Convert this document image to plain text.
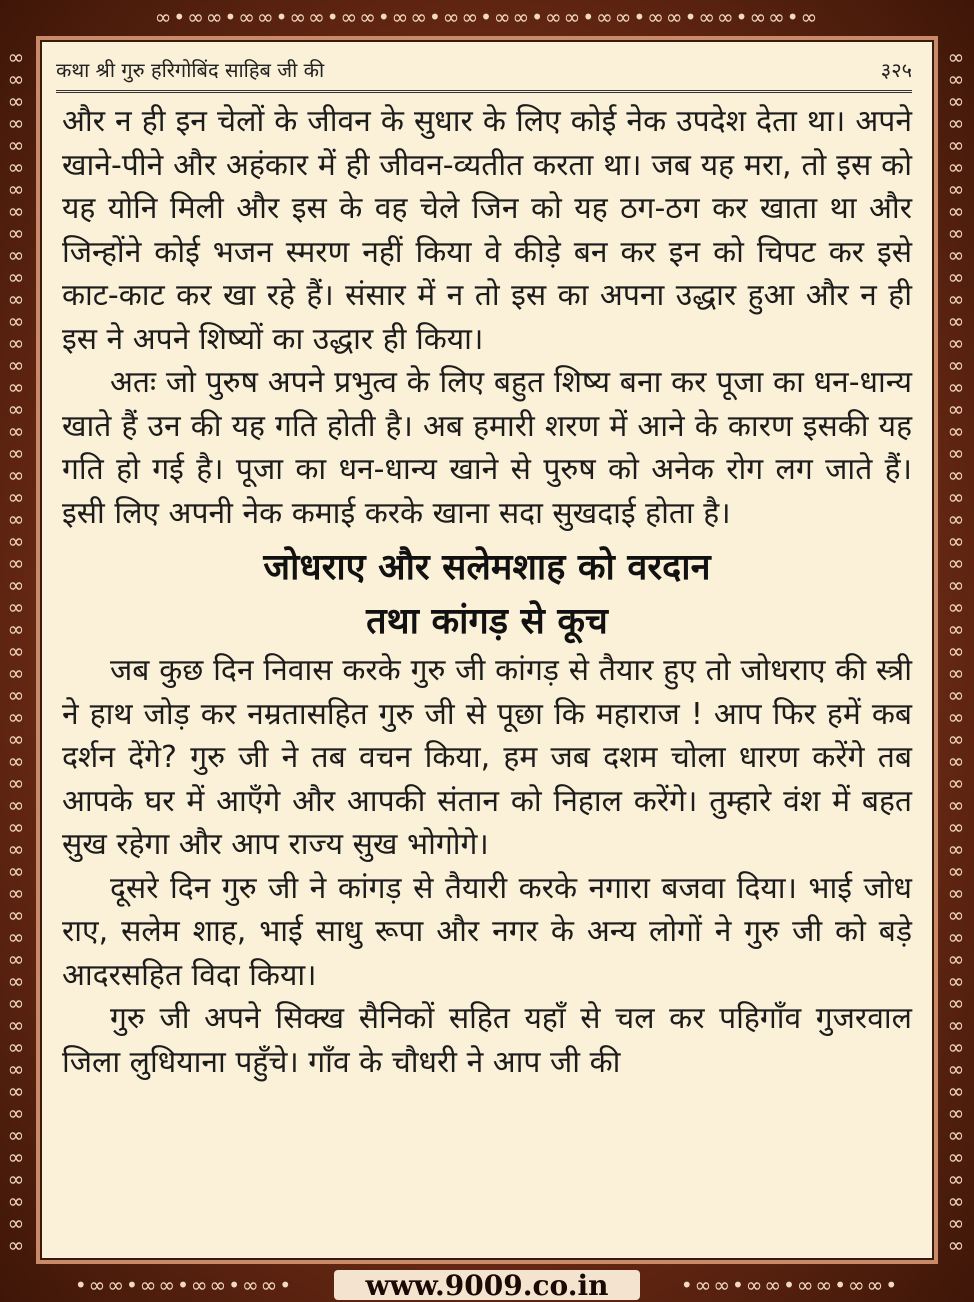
∞•∞∞•∞∞•∞∞•∞∞•∞∞•∞∞•∞∞•∞∞•∞∞•∞∞•∞∞•∞∞•∞
∞
∞
∞
∞
∞
∞
∞
∞
∞
∞
∞
∞
∞
∞
∞
∞
∞
∞
∞
∞
∞
∞
∞
∞
∞
∞
∞
∞
∞
∞
∞
∞
∞
∞
∞
∞
∞
∞
∞
∞
∞
∞
∞
∞
∞
∞
∞
∞
∞
∞
∞
∞
∞
∞
∞
∞
∞
∞
∞
∞
∞
∞
∞
∞
∞
∞
∞
∞
∞
∞
∞
∞
∞
∞
∞
∞
∞
∞
∞
∞
∞
∞
∞
∞
∞
∞
∞
∞
∞
∞
∞
∞
∞
∞
∞
∞
∞
∞
∞
∞
∞
∞
∞
∞
∞
∞
∞
∞
∞
∞
•∞∞•∞∞•∞∞•∞∞•	•∞∞•∞∞•∞∞•∞∞•
www.9009.co.in
कथा श्री गुरु हरिगोबिंद साहिब जी की	३२५

और न ही इन चेलों के जीवन के सुधार के लिए कोई नेक उपदेश देता था। अपने खाने-पीने और अहंकार में ही जीवन-व्यतीत करता था। जब यह मरा, तो इस को यह योनि मिली और इस के वह चेले जिन को यह ठग-ठग कर खाता था और जिन्होंने कोई भजन स्मरण नहीं किया वे कीड़े बन कर इन को चिपट कर इसे काट-काट कर खा रहे हैं। संसार में न तो इस का अपना उद्धार हुआ और न ही इस ने अपने शिष्यों का उद्धार ही किया।

अतः जो पुरुष अपने प्रभुत्व के लिए बहुत शिष्य बना कर पूजा का धन-धान्य खाते हैं उन की यह गति होती है। अब हमारी शरण में आने के कारण इसकी यह गति हो गई है। पूजा का धन-धान्य खाने से पुरुष को अनेक रोग लग जाते हैं। इसी लिए अपनी नेक कमाई करके खाना सदा सुखदाई होता है।

जोधराए और सलेमशाह को वरदान
तथा कांगड़ से कूच

जब कुछ दिन निवास करके गुरु जी कांगड़ से तैयार हुए तो जोधराए की स्त्री ने हाथ जोड़ कर नम्रतासहित गुरु जी से पूछा कि महाराज ! आप फिर हमें कब दर्शन देंगे? गुरु जी ने तब वचन किया, हम जब दशम चोला धारण करेंगे तब आपके घर में आएँगे और आपकी संतान को निहाल करेंगे। तुम्हारे वंश में बहत सुख रहेगा और आप राज्य सुख भोगोगे।

दूसरे दिन गुरु जी ने कांगड़ से तैयारी करके नगारा बजवा दिया। भाई जोध राए, सलेम शाह, भाई साधु रूपा और नगर के अन्य लोगों ने गुरु जी को बड़े आदरसहित विदा किया।

गुरु जी अपने सिक्ख सैनिकों सहित यहाँ से चल कर पहिगाँव गुजरवाल जिला लुधियाना पहुँचे। गाँव के चौधरी ने आप जी की
